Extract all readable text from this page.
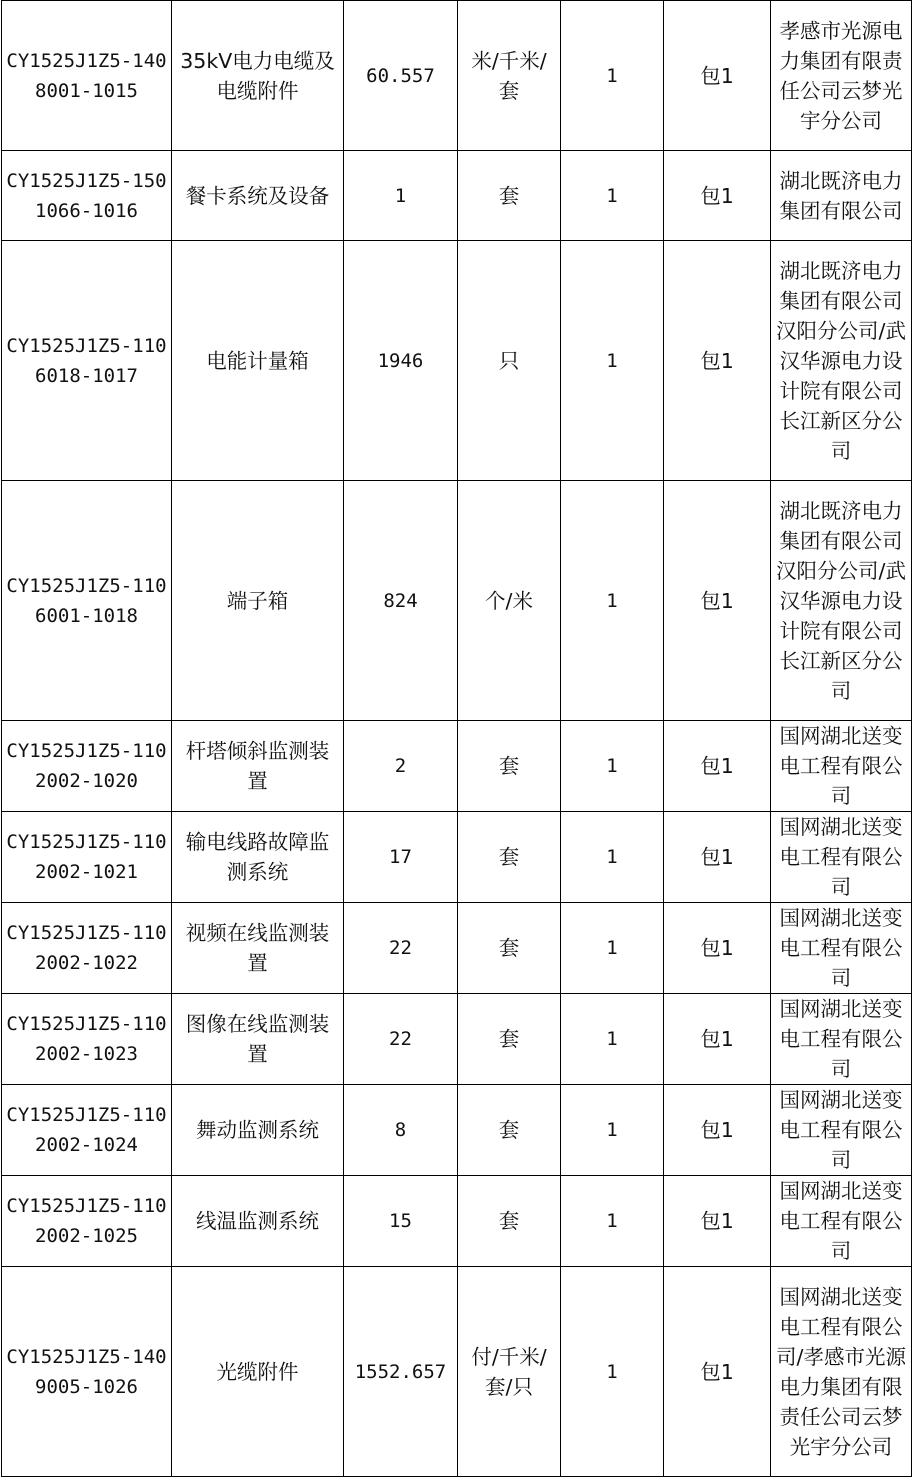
CY1525J1Z5-1408001-1015	35kV电力电缆及电缆附件	60.557	米/千米/套	1	包1	孝感市光源电力集团有限责任公司云梦光宇分公司
CY1525J1Z5-1501066-1016	餐卡系统及设备	1	套	1	包1	湖北既济电力集团有限公司
CY1525J1Z5-1106018-1017	电能计量箱	1946	只	1	包1	湖北既济电力集团有限公司汉阳分公司/武汉华源电力设计院有限公司长江新区分公司
CY1525J1Z5-1106001-1018	端子箱	824	个/米	1	包1	湖北既济电力集团有限公司汉阳分公司/武汉华源电力设计院有限公司长江新区分公司
CY1525J1Z5-1102002-1020	杆塔倾斜监测装置	2	套	1	包1	国网湖北送变电工程有限公司
CY1525J1Z5-1102002-1021	输电线路故障监测系统	17	套	1	包1	国网湖北送变电工程有限公司
CY1525J1Z5-1102002-1022	视频在线监测装置	22	套	1	包1	国网湖北送变电工程有限公司
CY1525J1Z5-1102002-1023	图像在线监测装置	22	套	1	包1	国网湖北送变电工程有限公司
CY1525J1Z5-1102002-1024	舞动监测系统	8	套	1	包1	国网湖北送变电工程有限公司
CY1525J1Z5-1102002-1025	线温监测系统	15	套	1	包1	国网湖北送变电工程有限公司
CY1525J1Z5-1409005-1026	光缆附件	1552.657	付/千米/套/只	1	包1	国网湖北送变电工程有限公司/孝感市光源电力集团有限责任公司云梦光宇分公司
